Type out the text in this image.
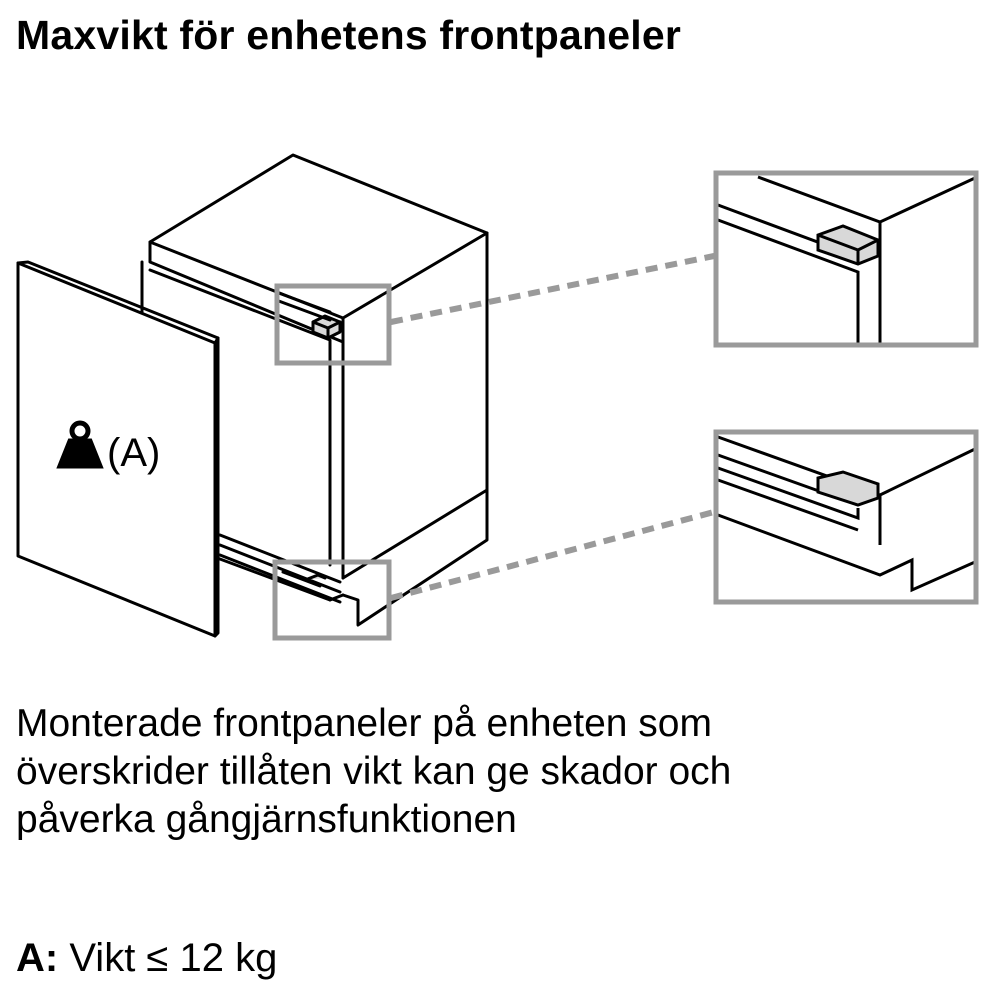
Maxvikt för enhetens frontpaneler
(A)
Monterade frontpaneler på enheten som
överskrider tillåten vikt kan ge skador och
påverka gångjärnsfunktionen
A: Vikt ≤ 12 kg
